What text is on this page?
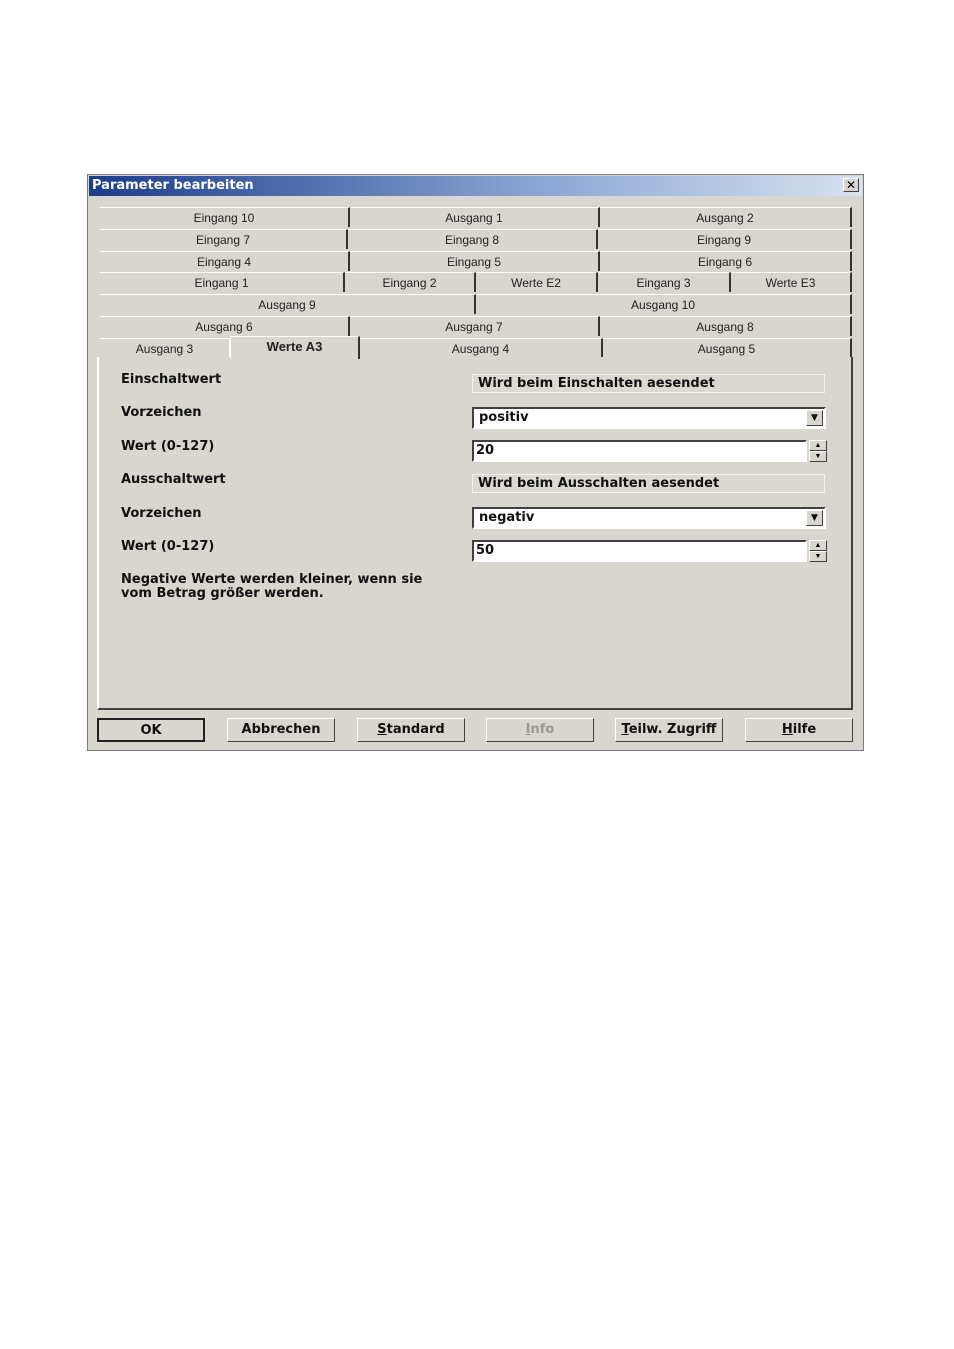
Parameter bearbeiten	✕
Eingang 10	Ausgang 1	Ausgang 2
Eingang 7	Eingang 8	Eingang 9
Eingang 4	Eingang 5	Eingang 6
Eingang 1	Eingang 2	Werte E2	Eingang 3	Werte E3
Ausgang 9	Ausgang 10
Ausgang 6	Ausgang 7	Ausgang 8
Ausgang 3	Werte A3	Ausgang 4	Ausgang 5
Einschaltwert	Wird beim Einschalten aesendet
Vorzeichen	positiv	▼
Wert (0-127)	20	▲
▼
Ausschaltwert	Wird beim Ausschalten aesendet
Vorzeichen	negativ	▼
Wert (0-127)	50	▲
▼
Negative Werte werden kleiner, wenn sie
vom Betrag größer werden.
OK	Abbrechen	Standard	Info	Teilw. Zugriff	Hilfe
